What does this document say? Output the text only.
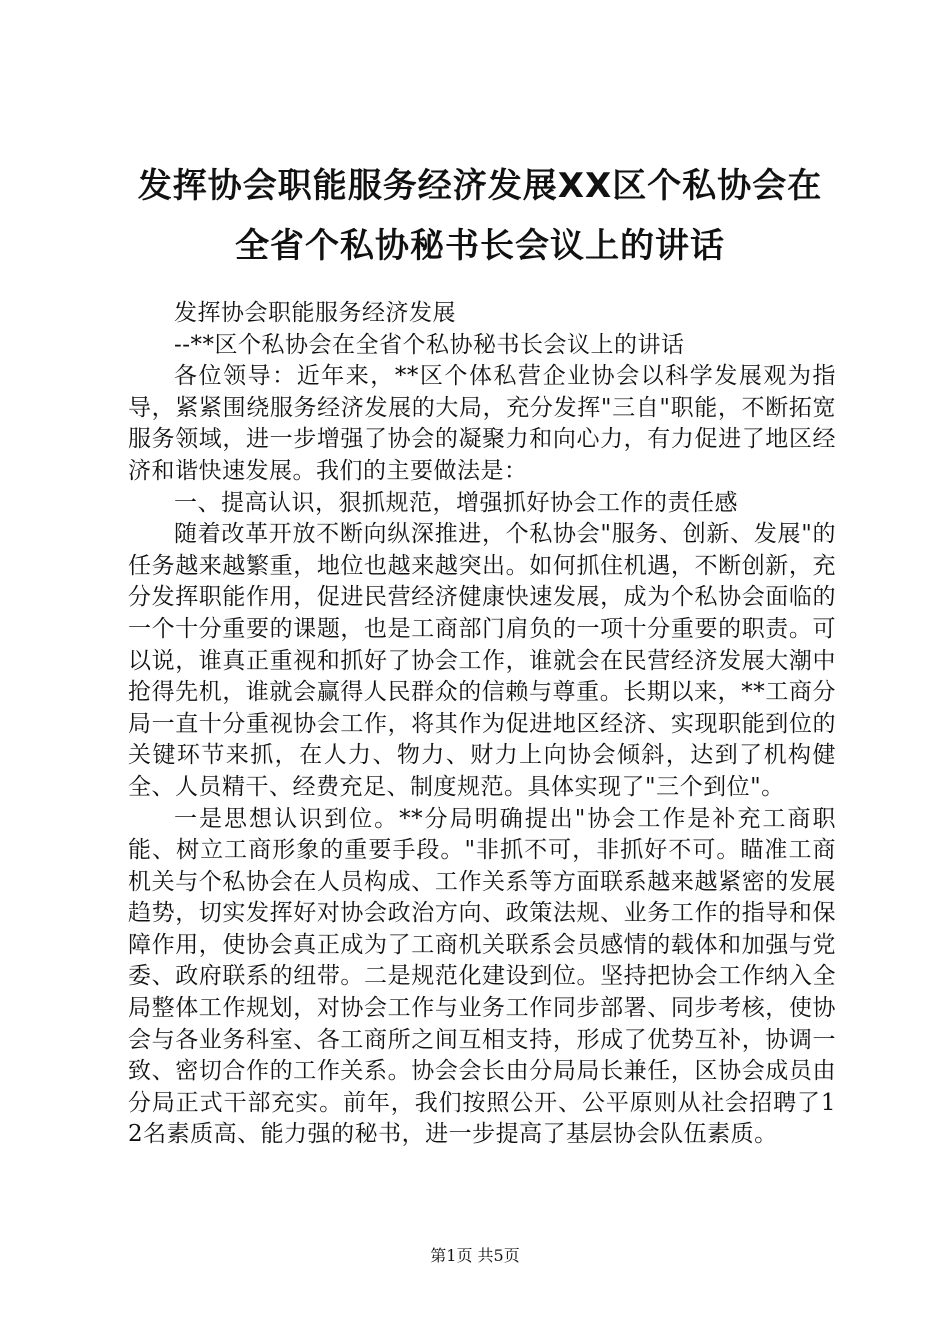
发挥协会职能服务经济发展XX区个私协会在
全省个私协秘书长会议上的讲话

发挥协会职能服务经济发展

--**区个私协会在全省个私协秘书长会议上的讲话

各位领导：近年来，**区个体私营企业协会以科学发展观为指导，紧紧围绕服务经济发展的大局，充分发挥"三自"职能，不断拓宽服务领域，进一步增强了协会的凝聚力和向心力，有力促进了地区经济和谐快速发展。我们的主要做法是：

一、提高认识，狠抓规范，增强抓好协会工作的责任感

随着改革开放不断向纵深推进，个私协会"服务、创新、发展"的任务越来越繁重，地位也越来越突出。如何抓住机遇，不断创新，充分发挥职能作用，促进民营经济健康快速发展，成为个私协会面临的一个十分重要的课题，也是工商部门肩负的一项十分重要的职责。可以说，谁真正重视和抓好了协会工作，谁就会在民营经济发展大潮中抢得先机，谁就会赢得人民群众的信赖与尊重。长期以来，**工商分局一直十分重视协会工作，将其作为促进地区经济、实现职能到位的关键环节来抓，在人力、物力、财力上向协会倾斜，达到了机构健全、人员精干、经费充足、制度规范。具体实现了"三个到位"。

一是思想认识到位。**分局明确提出"协会工作是补充工商职能、树立工商形象的重要手段。"非抓不可，非抓好不可。瞄准工商机关与个私协会在人员构成、工作关系等方面联系越来越紧密的发展趋势，切实发挥好对协会政治方向、政策法规、业务工作的指导和保障作用，使协会真正成为了工商机关联系会员感情的载体和加强与党委、政府联系的纽带。二是规范化建设到位。坚持把协会工作纳入全局整体工作规划，对协会工作与业务工作同步部署、同步考核，使协会与各业务科室、各工商所之间互相支持，形成了优势互补，协调一致、密切合作的工作关系。协会会长由分局局长兼任，区协会成员由分局正式干部充实。前年，我们按照公开、公平原则从社会招聘了12名素质高、能力强的秘书，进一步提高了基层协会队伍素质。

第1页 共5页
